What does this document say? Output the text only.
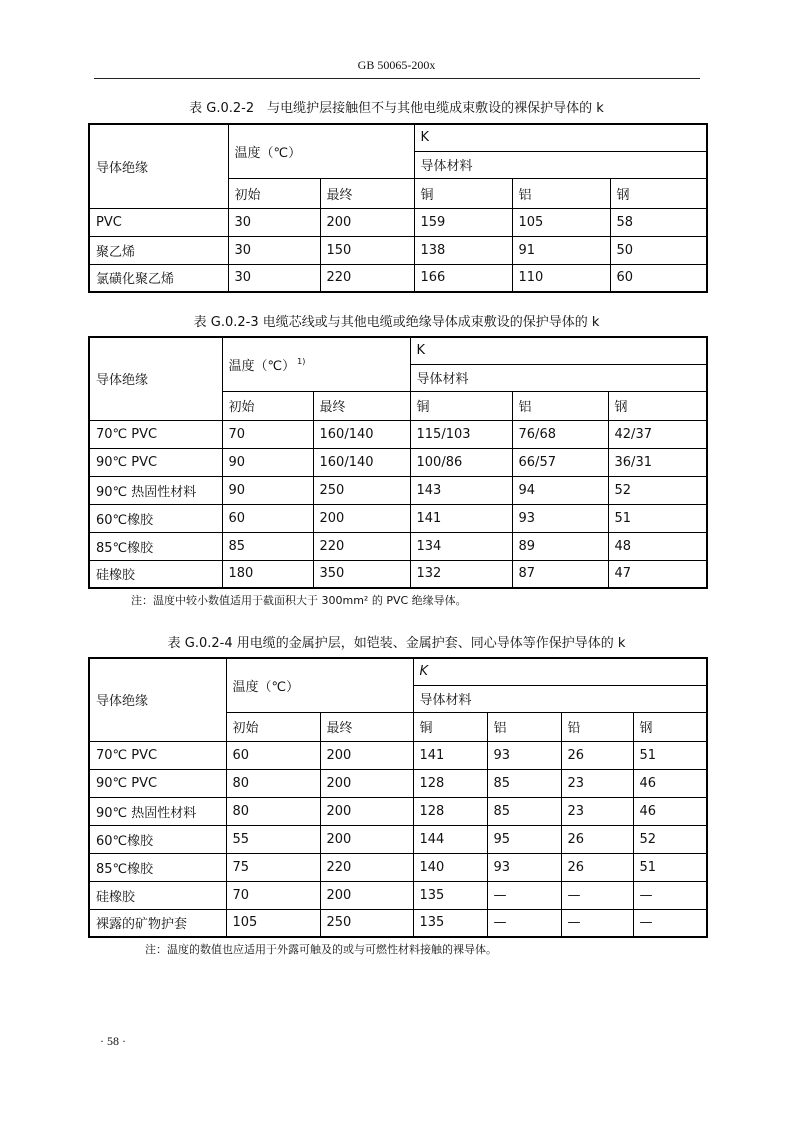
GB 50065-200x
表 G.0.2-2　与电缆护层接触但不与其他电缆成束敷设的裸保护导体的 k
导体绝缘	温度（℃）		K		
			导体材料		
	初始	最终	铜	铝	钢
PVC	30	200	159	105	58
聚乙烯	30	150	138	91	50
氯磺化聚乙烯	30	220	166	110	60
表 G.0.2-3 电缆芯线或与其他电缆或绝缘导体成束敷设的保护导体的 k
导体绝缘	温度（℃） $^{1)}$		K		
			导体材料		
	初始	最终	铜	铝	钢
70℃ PVC	70	160/140	115/103	76/68	42/37
90℃ PVC	90	160/140	100/86	66/57	36/31
90℃ 热固性材料	90	250	143	94	52
60℃橡胶	60	200	141	93	51
85℃橡胶	85	220	134	89	48
硅橡胶	180	350	132	87	47
注：温度中较小数值适用于截面积大于 300mm² 的 PVC 绝缘导体。
表 G.0.2-4 用电缆的金属护层，如铠装、金属护套、同心导体等作保护导体的 k
导体绝缘	温度（℃）		K			
			导体材料			
	初始	最终	铜	铝	铅	钢
70℃ PVC	60	200	141	93	26	51
90℃ PVC	80	200	128	85	23	46
90℃ 热固性材料	80	200	128	85	23	46
60℃橡胶	55	200	144	95	26	52
85℃橡胶	75	220	140	93	26	51
硅橡胶	70	200	135	—	—	—
裸露的矿物护套	105	250	135	—	—	—
注：温度的数值也应适用于外露可触及的或与可燃性材料接触的裸导体。
· 58 ·
